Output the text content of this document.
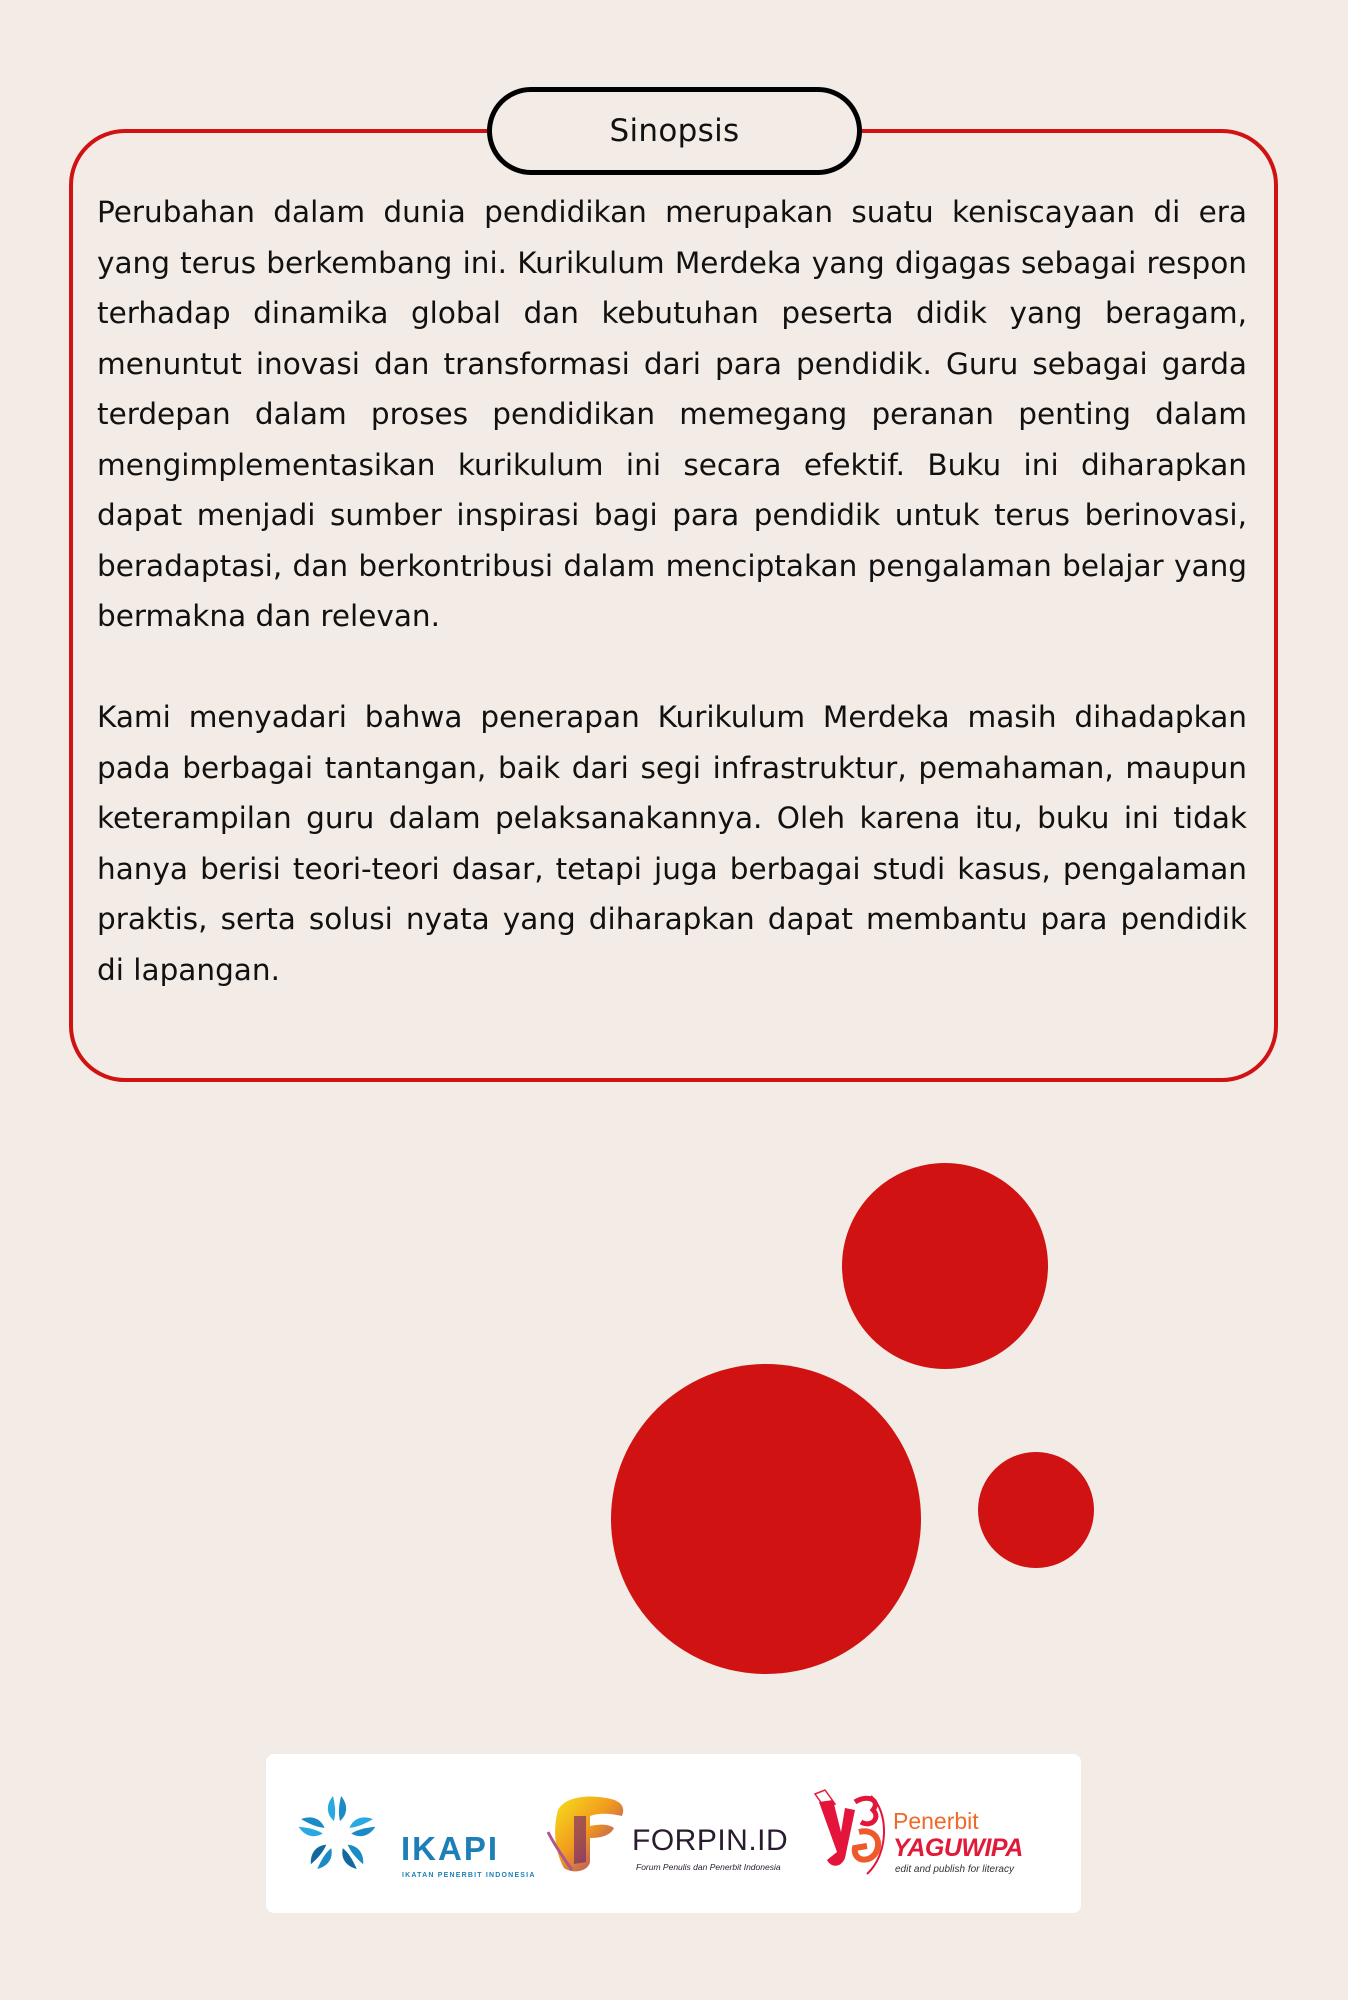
Sinopsis

Perubahan dalam dunia pendidikan merupakan suatu keniscayaan di era yang terus berkembang ini. Kurikulum Merdeka yang digagas sebagai respon terhadap dinamika global dan kebutuhan peserta didik yang beragam, menuntut inovasi dan transformasi dari para pendidik. Guru sebagai garda terdepan dalam proses pendidikan memegang peranan penting dalam mengimplementasikan kurikulum ini secara efektif. Buku ini diharapkan dapat menjadi sumber inspirasi bagi para pendidik untuk terus berinovasi, beradaptasi, dan berkontribusi dalam menciptakan pengalaman belajar yang bermakna dan relevan.

Kami menyadari bahwa penerapan Kurikulum Merdeka masih dihadapkan pada berbagai tantangan, baik dari segi infrastruktur, pemahaman, maupun keterampilan guru dalam pelaksanakannya. Oleh karena itu, buku ini tidak hanya berisi teori-teori dasar, tetapi juga berbagai studi kasus, pengalaman praktis, serta solusi nyata yang diharapkan dapat membantu para pendidik di lapangan.

IKAPI
IKATAN PENERBIT INDONESIA
FORPIN.ID
Forum Penulis dan Penerbit Indonesia
Penerbit
YAGUWIPA
edit and publish for literacy
